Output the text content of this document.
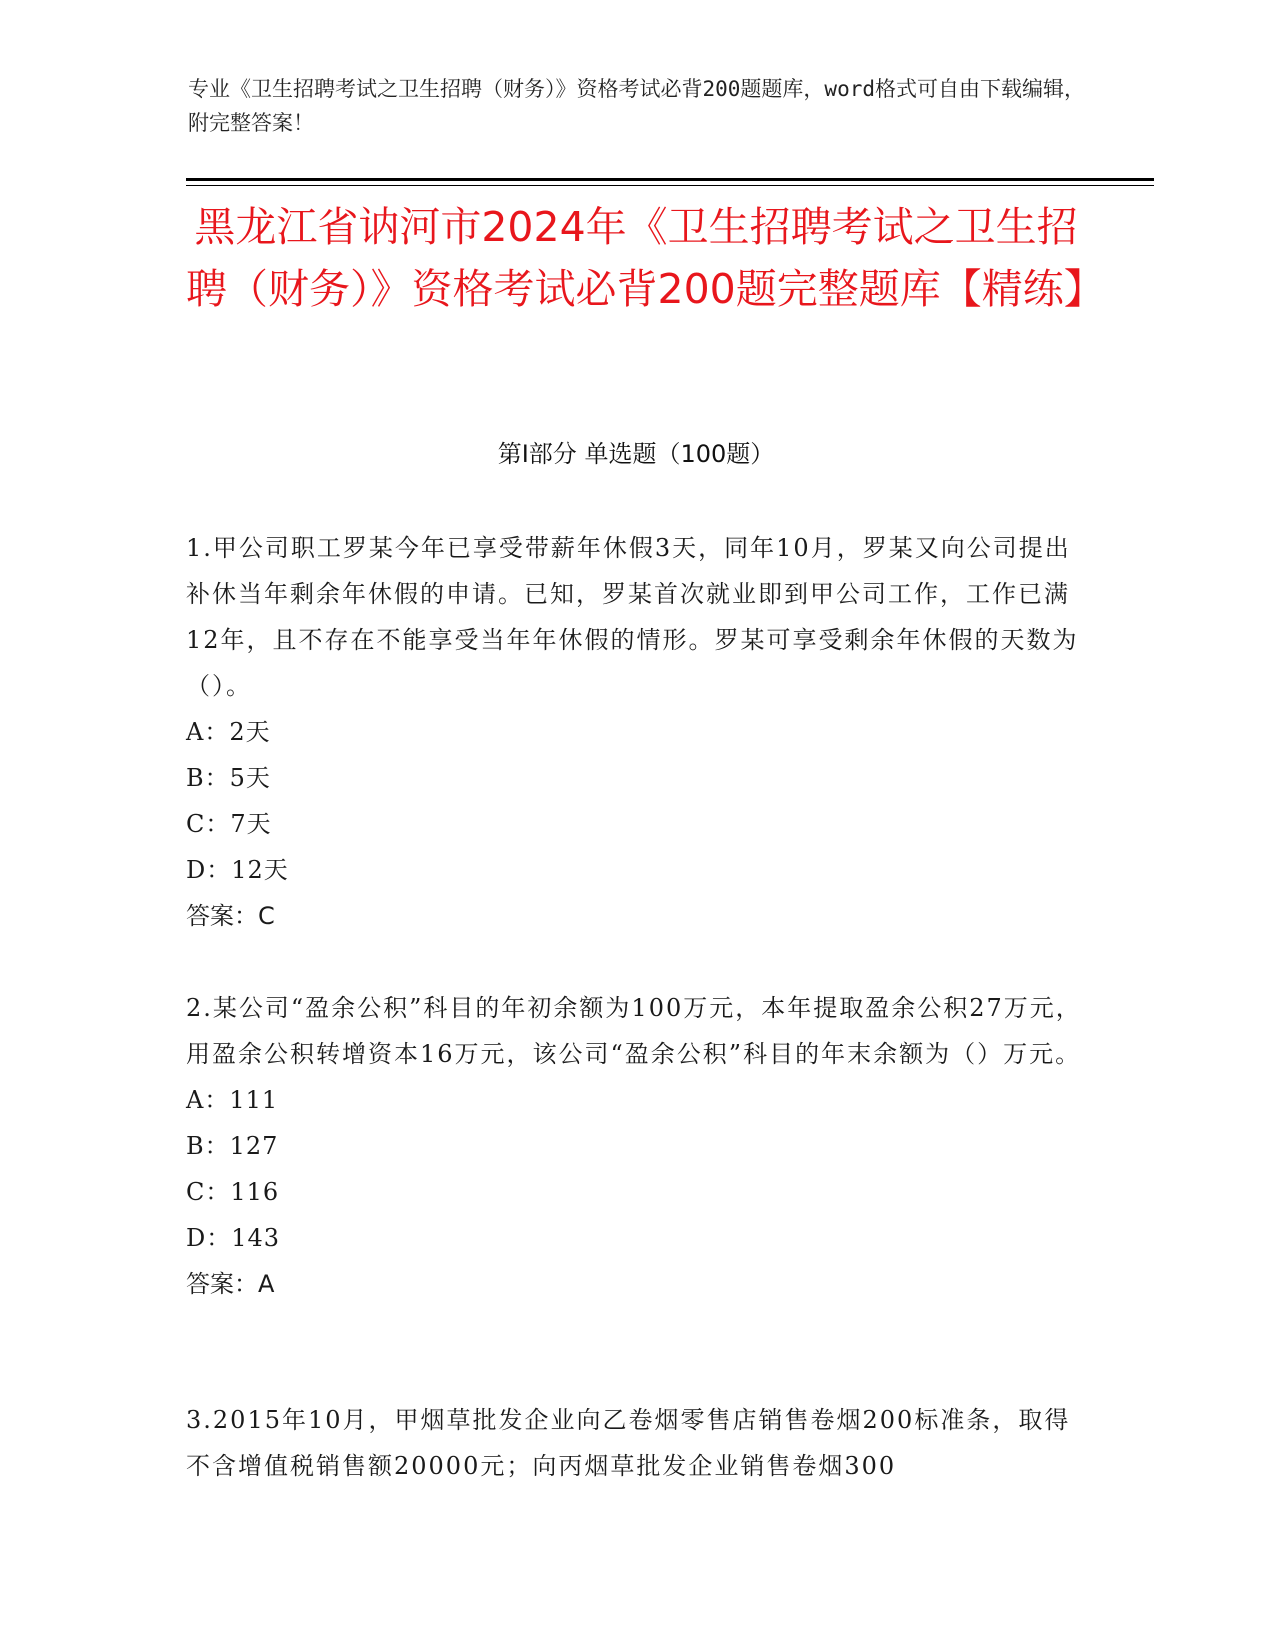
专业《卫生招聘考试之卫生招聘（财务）》资格考试必背200题题库，word格式可自由下载编辑，附完整答案！
黑龙江省讷河市2024年《卫生招聘考试之卫生招聘（财务）》资格考试必背200题完整题库【精练】
第I部分 单选题（100题）

1.甲公司职工罗某今年已享受带薪年休假3天，同年10月，罗某又向公司提出补休当年剩余年休假的申请。已知，罗某首次就业即到甲公司工作，工作已满12年，且不存在不能享受当年年休假的情形。罗某可享受剩余年休假的天数为（）。

A：2天

B：5天

C：7天

D：12天

答案：C

2.某公司“盈余公积”科目的年初余额为100万元，本年提取盈余公积27万元，用盈余公积转增资本16万元，该公司“盈余公积”科目的年末余额为（）万元。

A：111

B：127

C：116

D：143

答案：A

3.2015年10月，甲烟草批发企业向乙卷烟零售店销售卷烟200标准条，取得不含增值税销售额20000元；向丙烟草批发企业销售卷烟300
